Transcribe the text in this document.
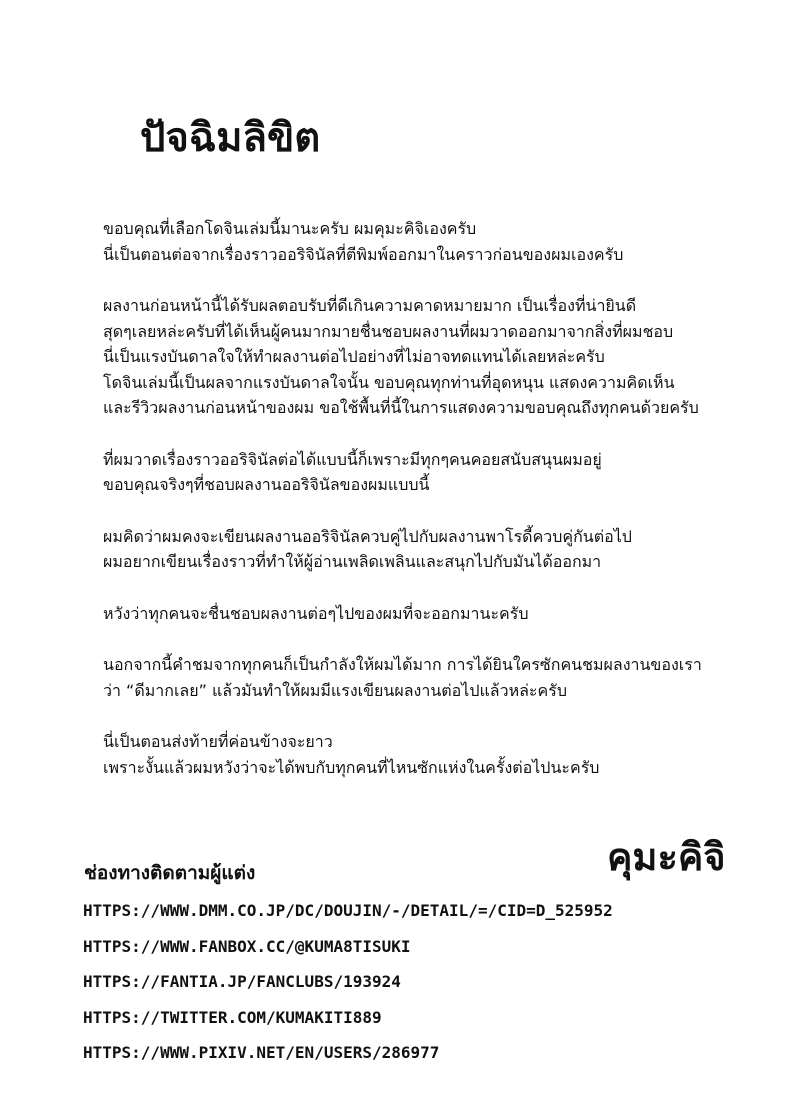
ปัจฉิมลิขิต
ขอบคุณที่เลือกโดจินเล่มนี้มานะครับ ผมคุมะคิจิเองครับ
นี่เป็นตอนต่อจากเรื่องราวออริจินัลที่ตีพิมพ์ออกมาในคราวก่อนของผมเองครับ
ผลงานก่อนหน้านี้ได้รับผลตอบรับที่ดีเกินความคาดหมายมาก เป็นเรื่องที่น่ายินดี
สุดๆเลยหล่ะครับที่ได้เห็นผู้คนมากมายชื่นชอบผลงานที่ผมวาดออกมาจากสิ่งที่ผมชอบ
นี่เป็นแรงบันดาลใจให้ทำผลงานต่อไปอย่างที่ไม่อาจทดแทนได้เลยหล่ะครับ
โดจินเล่มนี้เป็นผลจากแรงบันดาลใจนั้น ขอบคุณทุกท่านที่อุดหนุน แสดงความคิดเห็น
และรีวิวผลงานก่อนหน้าของผม ขอใช้พื้นที่นี้ในการแสดงความขอบคุณถึงทุกคนด้วยครับ
ที่ผมวาดเรื่องราวออริจินัลต่อได้แบบนี้ก็เพราะมีทุกๆคนคอยสนับสนุนผมอยู่
ขอบคุณจริงๆที่ชอบผลงานออริจินัลของผมแบบนี้
ผมคิดว่าผมคงจะเขียนผลงานออริจินัลควบคู่ไปกับผลงานพาโรดี้ควบคู่กันต่อไป
ผมอยากเขียนเรื่องราวที่ทำให้ผู้อ่านเพลิดเพลินและสนุกไปกับมันได้ออกมา
หวังว่าทุกคนจะชื่นชอบผลงานต่อๆไปของผมที่จะออกมานะครับ
นอกจากนี้คำชมจากทุกคนก็เป็นกำลังให้ผมได้มาก การได้ยินใครซักคนชมผลงานของเรา
ว่า “ดีมากเลย” แล้วมันทำให้ผมมีแรงเขียนผลงานต่อไปแล้วหล่ะครับ
นี่เป็นตอนส่งท้ายที่ค่อนข้างจะยาว
เพราะงั้นแล้วผมหวังว่าจะได้พบกับทุกคนที่ไหนซักแห่งในครั้งต่อไปนะครับ
คุมะคิจิ
ช่องทางติดตามผู้แต่ง
HTTPS://WWW.DMM.CO.JP/DC/DOUJIN/-/DETAIL/=/CID=D_525952
HTTPS://WWW.FANBOX.CC/@KUMA8TISUKI
HTTPS://FANTIA.JP/FANCLUBS/193924
HTTPS://TWITTER.COM/KUMAKITI889
HTTPS://WWW.PIXIV.NET/EN/USERS/286977
